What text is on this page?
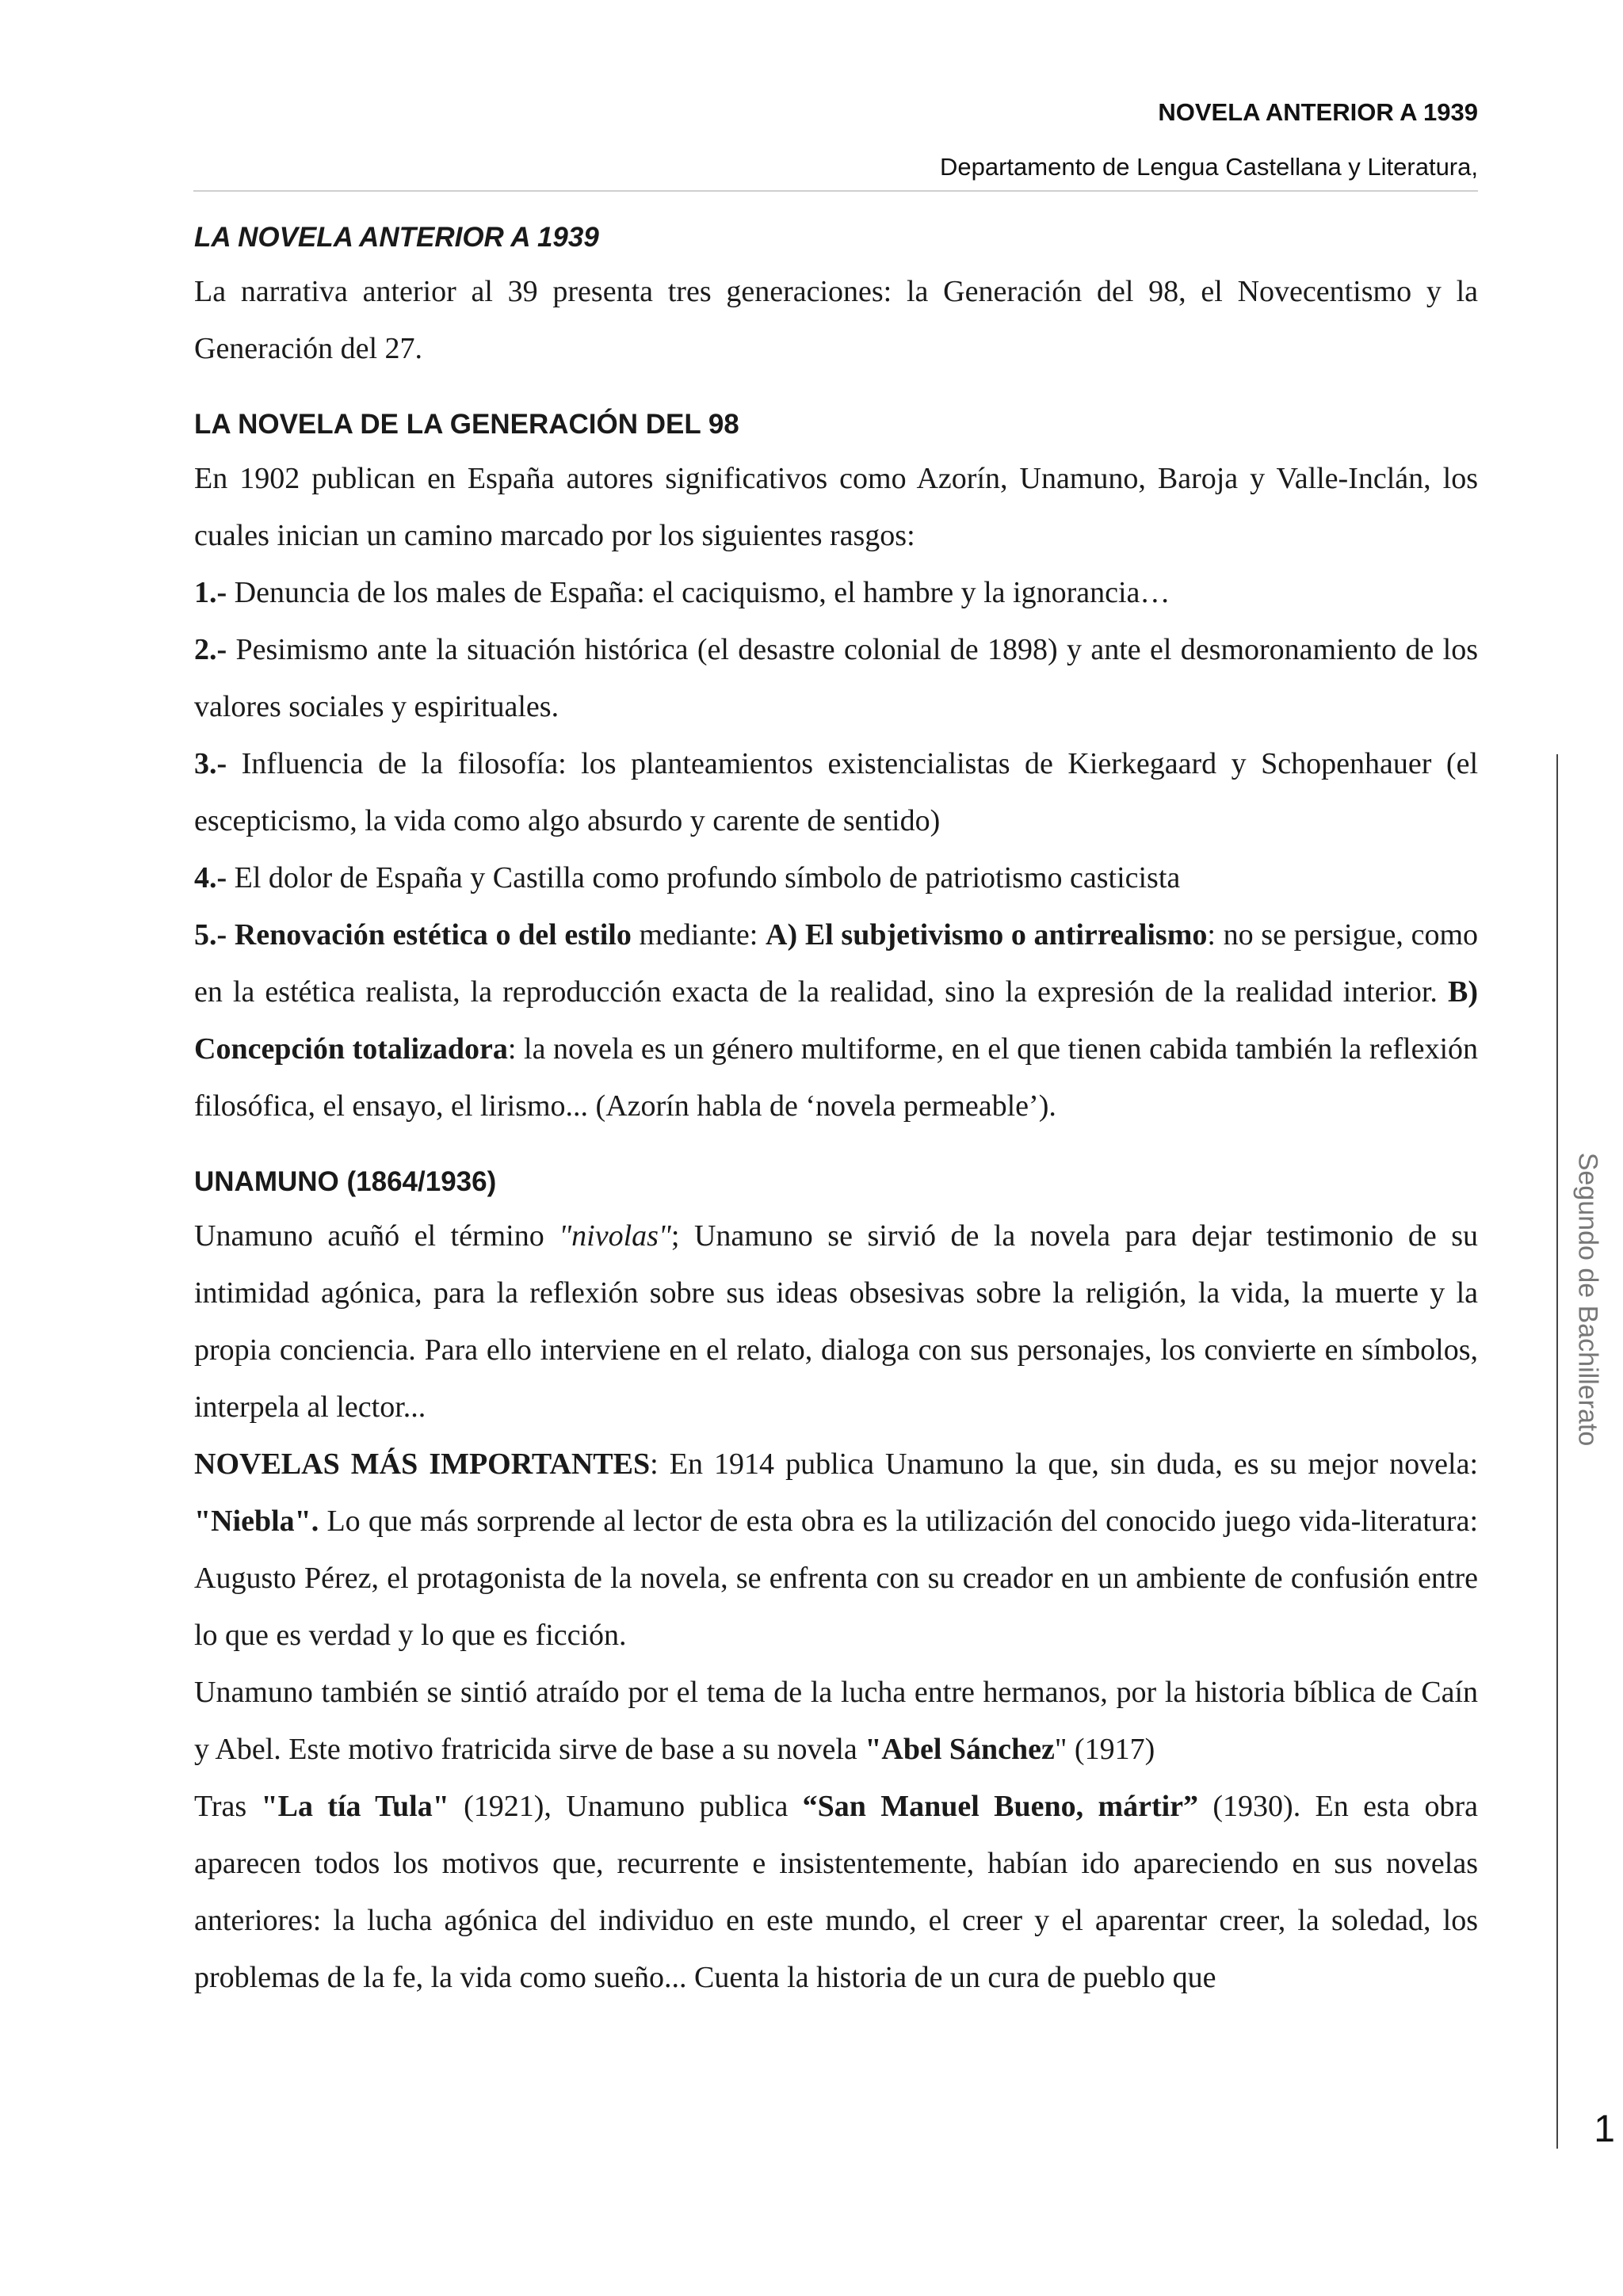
NOVELA ANTERIOR A 1939
Departamento de Lengua Castellana y Literatura,
Segundo de Bachillerato
1
LA NOVELA ANTERIOR A 1939

La narrativa anterior al 39 presenta tres generaciones: la Generación del 98, el Novecentismo y la Generación del 27.

LA NOVELA DE LA GENERACIÓN DEL 98

En 1902 publican en España autores significativos como Azorín, Unamuno, Baroja y Valle-Inclán, los cuales inician un camino marcado por los siguientes rasgos:

1.- Denuncia de los males de España: el caciquismo, el hambre y la ignorancia…

2.- Pesimismo ante la situación histórica (el desastre colonial de 1898) y ante el desmoronamiento de los valores sociales y espirituales.

3.- Influencia de la filosofía: los planteamientos existencialistas de Kierkegaard y Schopenhauer (el escepticismo, la vida como algo absurdo y carente de sentido)

4.- El dolor de España y Castilla como profundo símbolo de patriotismo casticista

5.- Renovación estética o del estilo mediante: A) El subjetivismo o antirrealismo: no se persigue, como en la estética realista, la reproducción exacta de la realidad, sino la expresión de la realidad interior. B) Concepción totalizadora: la novela es un género multiforme, en el que tienen cabida también la reflexión filosófica, el ensayo, el lirismo... (Azorín habla de ‘novela permeable’).

UNAMUNO (1864/1936)

Unamuno acuñó el término "nivolas"; Unamuno se sirvió de la novela para dejar testimonio de su intimidad agónica, para la reflexión sobre sus ideas obsesivas sobre la religión, la vida, la muerte y la propia conciencia. Para ello interviene en el relato, dialoga con sus personajes, los convierte en símbolos, interpela al lector...

NOVELAS MÁS IMPORTANTES: En 1914 publica Unamuno la que, sin duda, es su mejor novela: "Niebla". Lo que más sorprende al lector de esta obra es la utilización del conocido juego vida-literatura: Augusto Pérez, el protagonista de la novela, se enfrenta con su creador en un ambiente de confusión entre lo que es verdad y lo que es ficción.

Unamuno también se sintió atraído por el tema de la lucha entre hermanos, por la historia bíblica de Caín y Abel. Este motivo fratricida sirve de base a su novela "Abel Sánchez" (1917)

Tras "La tía Tula" (1921), Unamuno publica “San Manuel Bueno, mártir” (1930). En esta obra aparecen todos los motivos que, recurrente e insistentemente, habían ido apareciendo en sus novelas anteriores: la lucha agónica del individuo en este mundo, el creer y el aparentar creer, la soledad, los problemas de la fe, la vida como sueño... Cuenta la historia de un cura de pueblo que
